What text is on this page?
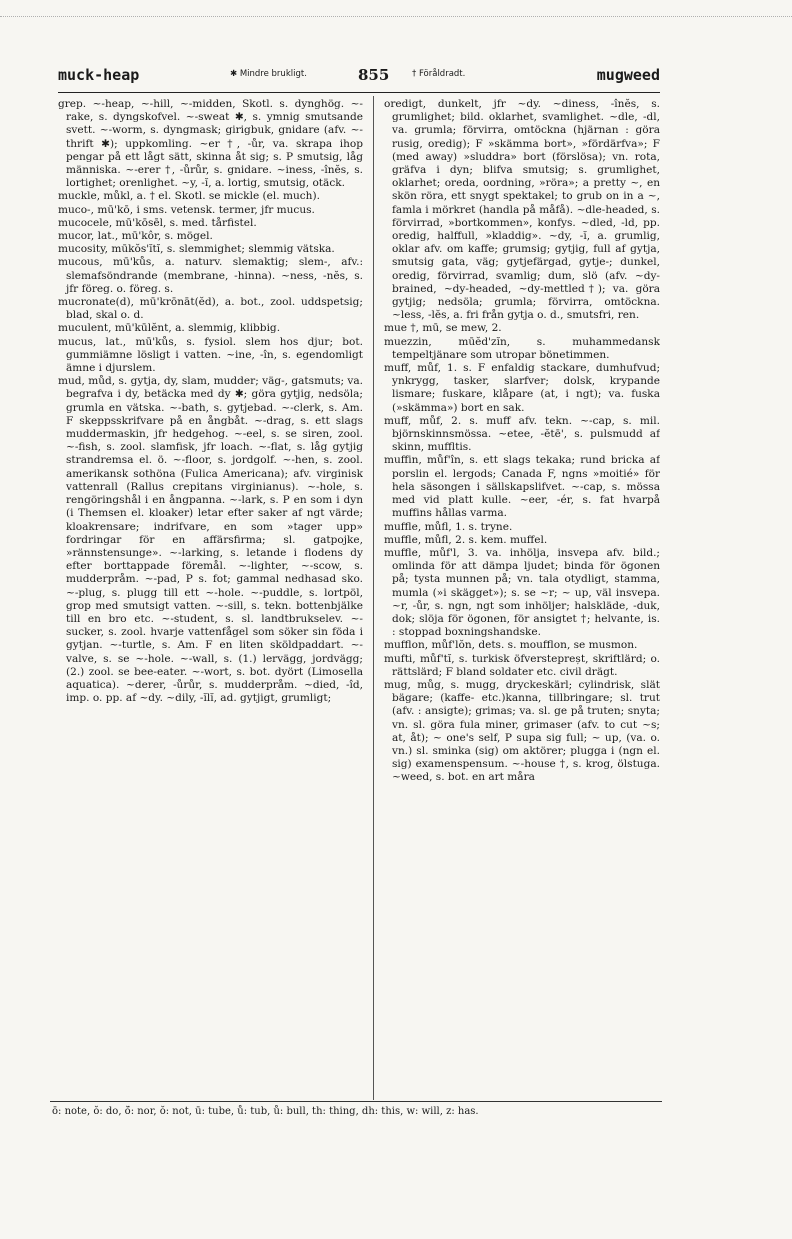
muck-heap	✱ Mindre brukligt.	855	† Föråldradt.	mugweed

grep. ~-heap, ~-hill, ~-midden, Skotl. s. dynghög. ~-rake, s. dyngskofvel. ~-sweat ✱, s. ymnig smutsande svett. ~-worm, s. dyngmask; girigbuk, gnidare (afv. ~-thrift ✱); uppkomling. ~er †, -ůr, va. skrapa ihop pengar på ett lågt sätt, skinna åt sig; s. P smutsig, låg människa. ~-erer †, -ůrůr, s. gnidare. ~iness, -înĕs, s. lortighet; orenlighet. ~y, -ĭ, a. lortig, smutsig, otäck.

muckle, můkl, a. † el. Skotl. se mickle (el. much).

muco-, mū'kō, i sms. vetensk. termer, jfr mucus.

mucocele, mū'kōsēl, s. med. tårfistel.

mucor, lat., mū'kôr, s. mögel.

mucosity, mūkŏs'ĭtĭ, s. slemmighet; slemmig vätska.

mucous, mū'kůs, a. naturv. slemaktig; slem-, afv.: slemafsöndrande (membrane, -hinna). ~ness, -nĕs, s. jfr föreg. o. föreg. s.

mucronate(d), mū'krōnāt(ĕd), a. bot., zool. uddspetsig; blad, skal o. d.

muculent, mū'kūlĕnt, a. slemmig, klibbig.

mucus, lat., mū'kůs, s. fysiol. slem hos djur; bot. gummiämne lösligt i vatten. ~ine, -în, s. egendomligt ämne i djurslem.

mud, můd, s. gytja, dy, slam, mudder; väg-, gatsmuts; va. begrafva i dy, betäcka med dy ✱; göra gytjig, nedsöla; grumla en vätska. ~-bath, s. gytjebad. ~-clerk, s. Am. F skeppsskrifvare på en ångbåt. ~-drag, s. ett slags muddermaskin, jfr hedgehog. ~-eel, s. se siren, zool. ~-fish, s. zool. slamfisk, jfr loach. ~-flat, s. låg gytjig strandremsa el. ö. ~-floor, s. jordgolf. ~-hen, s. zool. amerikansk sothöna (Fulica Americana); afv. virginisk vattenrall (Rallus crepitans virginianus). ~-hole, s. rengöringshål i en ångpanna. ~-lark, s. P en som i dyn (i Themsen el. kloaker) letar efter saker af ngt värde; kloakrensare; indrifvare, en som »tager upp» fordringar för en affärsfirma; sl. gatpojke, »rännstensunge». ~-larking, s. letande i flodens dy efter borttappade föremål. ~-lighter, ~-scow, s. mudderpråm. ~-pad, P s. fot; gammal nedhasad sko. ~-plug, s. plugg till ett ~-hole. ~-puddle, s. lortpöl, grop med smutsigt vatten. ~-sill, s. tekn. bottenbjälke till en bro etc. ~-student, s. sl. landtbrukselev. ~-sucker, s. zool. hvarje vattenfågel som söker sin föda i gytjan. ~-turtle, s. Am. F en liten sköldpaddart. ~-valve, s. se ~-hole. ~-wall, s. (1.) lervägg, jordvägg; (2.) zool. se bee-eater. ~-wort, s. bot. dyört (Limosella aquatica). ~derer, -ůrůr, s. mudderpråm. ~died, -îd, imp. o. pp. af ~dy. ~dily, -ĭlĭ, ad. gytjigt, grumligt;

oredigt, dunkelt, jfr ~dy. ~diness, -înĕs, s. grumlighet; bild. oklarhet, svamlighet. ~dle, -dl, va. grumla; förvirra, omtöckna (hjärnan : göra rusig, oredig); F »skämma bort», »fördärfva»; F (med away) »sluddra» bort (förslösa); vn. rota, gräfva i dyn; blifva smutsig; s. grumlighet, oklarhet; oreda, oordning, »röra»; a pretty ~, en skön röra, ett snygt spektakel; to grub on in a ~, famla i mörkret (handla på måfå). ~dle-headed, s. förvirrad, »bortkommen», konfys. ~dled, -ld, pp. oredig, halffull, »kladdig». ~dy, -ĭ, a. grumlig, oklar afv. om kaffe; grumsig; gytjig, full af gytja, smutsig gata, väg; gytjefärgad, gytje-; dunkel, oredig, förvirrad, svamlig; dum, slö (afv. ~dy-brained, ~dy-headed, ~dy-mettled†); va. göra gytjig; nedsöla; grumla; förvirra, omtöckna. ~less, -lĕs, a. fri från gytja o. d., smutsfri, ren.

mue †, mū, se mew, 2.

muezzin, mūĕd'zĭn, s. muhammedansk tempeltjänare som utropar bönetimmen.

muff, můf, 1. s. F enfaldig stackare, dumhufvud; ynkrygg, tasker, slarfver; dolsk, krypande lismare; fuskare, klåpare (at, i ngt); va. fuska (»skämma») bort en sak.

muff, můf, 2. s. muff afv. tekn. ~-cap, s. mil. björnskinnsmössa. ~etee, -ĕtē', s. pulsmudd af skinn, muffltis.

muffin, můf'în, s. ett slags tekaka; rund bricka af porslin el. lergods; Canada F, ngns »moitié» för hela säsongen i sällskapslifvet. ~-cap, s. mössa med vid platt kulle. ~eer, -ér, s. fat hvarpå muffins hållas varma.

muffle, můfl, 1. s. tryne.

muffle, můfl, 2. s. kem. muffel.

muffle, můf'l, 3. va. inhölja, insvepa afv. bild.; omlinda för att dämpa ljudet; binda för ögonen på; tysta munnen på; vn. tala otydligt, stamma, mumla (»i skägget»); s. se ~r; ~ up, väl insvepa. ~r, -ůr, s. ngn, ngt som inhöljer; halskläde, -duk, dok; slöja för ögonen, för ansigtet †; helvante, is. : stoppad boxningshandske.

mufflon, můf'lŏn, dets. s. moufflon, se musmon.

mufti, můf'tĭ, s. turkisk öfverstepreșt, skriftlärd; o. rättslärd; F bland soldater etc. civil drägt.

mug, můg, s. mugg, dryckeskärl; cylindrisk, slät bägare; (kaffe- etc.)kanna, tillbringare; sl. trut (afv. : ansigte); grimas; va. sl. ge på truten; snyta; vn. sl. göra fula miner, grimaser (afv. to cut ~s; at, åt); ~ one's self, P supa sig full; ~ up, (va. o. vn.) sl. sminka (sig) om aktörer; plugga i (ngn el. sig) examenspensum. ~-house †, s. krog, ölstuga. ~weed, s. bot. en art måra

ō: note, ŏ: do, ŏ̄: nor, ŏ: not, ū: tube, ů: tub, ů: bull, th: thing, dh: this, w: will, z: has.
